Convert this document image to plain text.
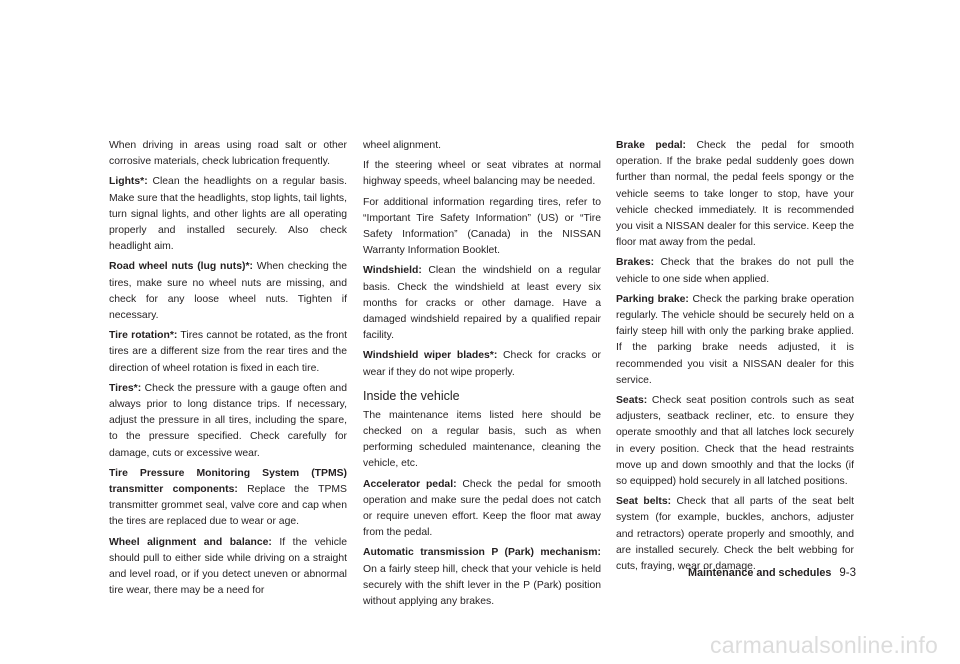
When driving in areas using road salt or other corrosive materials, check lubrication frequently.

Lights*: Clean the headlights on a regular basis. Make sure that the headlights, stop lights, tail lights, turn signal lights, and other lights are all operating properly and installed securely. Also check headlight aim.

Road wheel nuts (lug nuts)*: When checking the tires, make sure no wheel nuts are missing, and check for any loose wheel nuts. Tighten if necessary.

Tire rotation*: Tires cannot be rotated, as the front tires are a different size from the rear tires and the direction of wheel rotation is fixed in each tire.

Tires*: Check the pressure with a gauge often and always prior to long distance trips. If necessary, adjust the pressure in all tires, including the spare, to the pressure specified. Check carefully for damage, cuts or excessive wear.

Tire Pressure Monitoring System (TPMS) transmitter components: Replace the TPMS transmitter grommet seal, valve core and cap when the tires are replaced due to wear or age.

Wheel alignment and balance: If the vehicle should pull to either side while driving on a straight and level road, or if you detect uneven or abnormal tire wear, there may be a need for

wheel alignment.

If the steering wheel or seat vibrates at normal highway speeds, wheel balancing may be needed.

For additional information regarding tires, refer to “Important Tire Safety Information” (US) or “Tire Safety Information” (Canada) in the NISSAN Warranty Information Booklet.

Windshield: Clean the windshield on a regular basis. Check the windshield at least every six months for cracks or other damage. Have a damaged windshield repaired by a qualified repair facility.

Windshield wiper blades*: Check for cracks or wear if they do not wipe properly.

Inside the vehicle

The maintenance items listed here should be checked on a regular basis, such as when performing scheduled maintenance, cleaning the vehicle, etc.

Accelerator pedal: Check the pedal for smooth operation and make sure the pedal does not catch or require uneven effort. Keep the floor mat away from the pedal.

Automatic transmission P (Park) mechanism: On a fairly steep hill, check that your vehicle is held securely with the shift lever in the P (Park) position without applying any brakes.

Brake pedal: Check the pedal for smooth operation. If the brake pedal suddenly goes down further than normal, the pedal feels spongy or the vehicle seems to take longer to stop, have your vehicle checked immediately. It is recommended you visit a NISSAN dealer for this service. Keep the floor mat away from the pedal.

Brakes: Check that the brakes do not pull the vehicle to one side when applied.

Parking brake: Check the parking brake operation regularly. The vehicle should be securely held on a fairly steep hill with only the parking brake applied. If the parking brake needs adjusted, it is recommended you visit a NISSAN dealer for this service.

Seats: Check seat position controls such as seat adjusters, seatback recliner, etc. to ensure they operate smoothly and that all latches lock securely in every position. Check that the head restraints move up and down smoothly and that the locks (if so equipped) hold securely in all latched positions.

Seat belts: Check that all parts of the seat belt system (for example, buckles, anchors, adjuster and retractors) operate properly and smoothly, and are installed securely. Check the belt webbing for cuts, fraying, wear or damage.

Maintenance and schedules 9-3
carmanualsonline.info
